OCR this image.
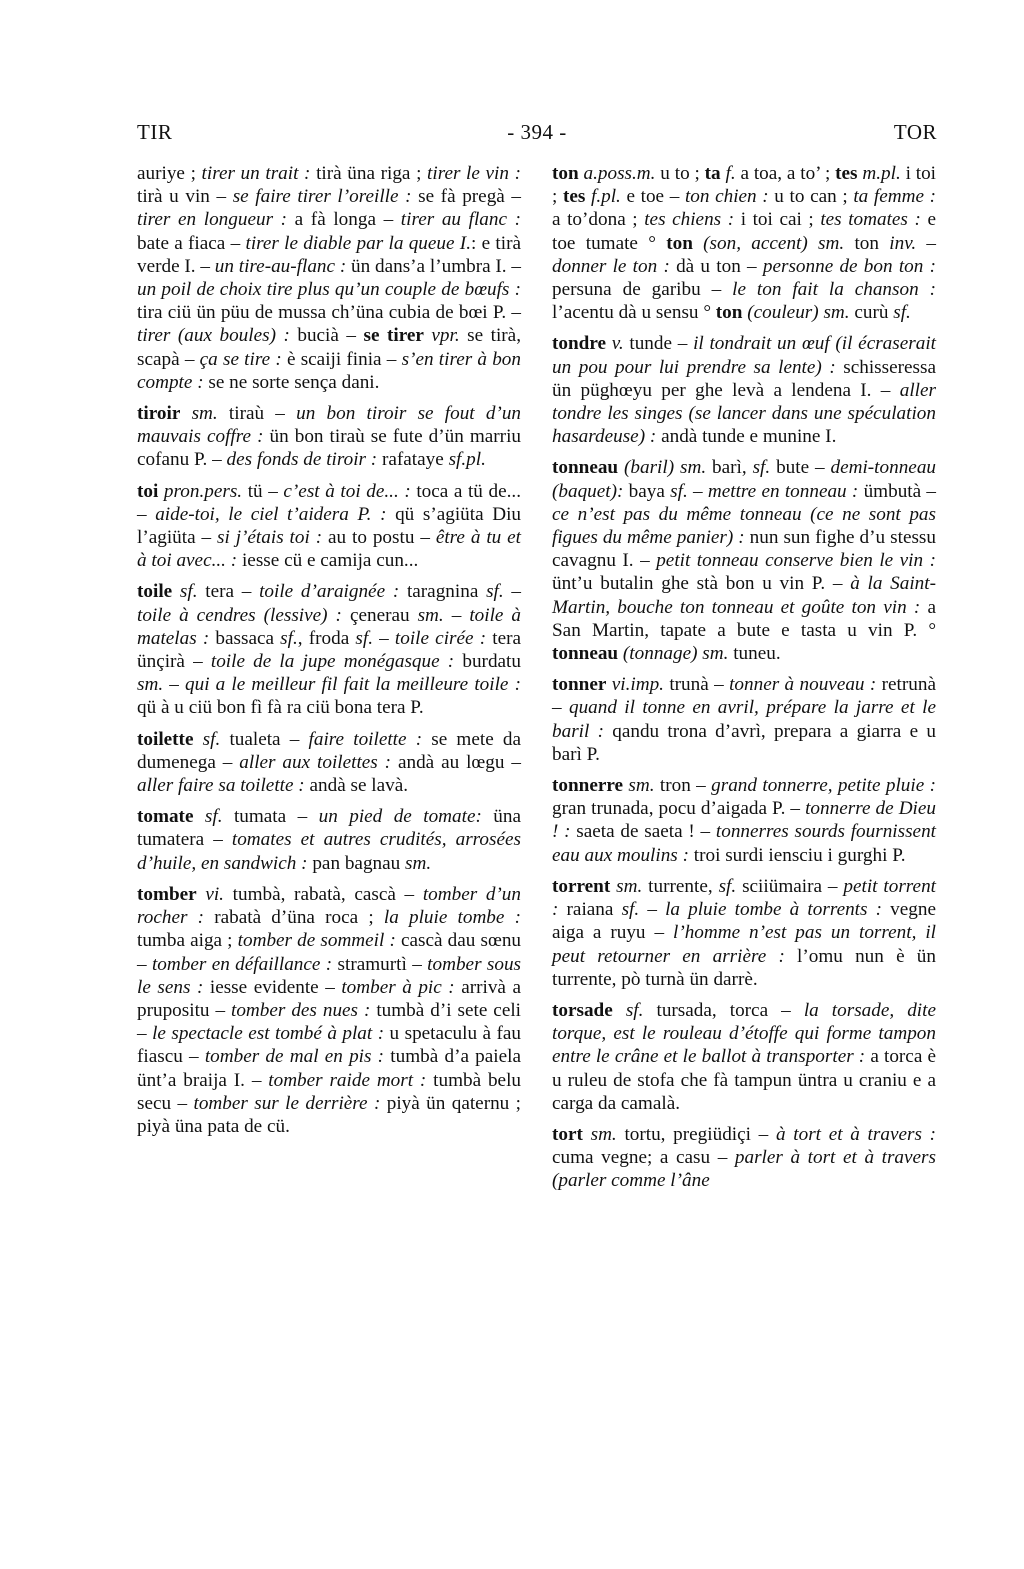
TIR	- 394 -	TOR
auriye ; tirer un trait : tirà üna riga ; tirer le vin : tirà u vin – se faire tirer l’oreille : se fà pregà – tirer en longueur : a fà longa – tirer au flanc : bate a fiaca – tirer le diable par la queue I.: e tirà verde I. – un tire-au-flanc : ün dans’a l’umbra I. – un poil de choix tire plus qu’un couple de bœufs : tira ciü ün püu de mussa ch’üna cubia de bœi P. – tirer (aux boules) : bucià – se tirer vpr. se tirà, scapà – ça se tire : è scaiji finia – s’en tirer à bon compte : se ne sorte sença dani.
tiroir sm. tiraù – un bon tiroir se fout d’un mauvais coffre : ün bon tiraù se fute d’ün marriu cofanu P. – des fonds de tiroir : rafataye sf.pl.
toi pron.pers. tü – c’est à toi de... : toca a tü de... – aide-toi, le ciel t’aidera P. : qü s’agiüta Diu l’agiüta – si j’étais toi : au to postu – être à tu et à toi avec... : iesse cü e camija cun...
toile sf. tera – toile d’araignée : taragnina sf. – toile à cendres (lessive) : çenerau sm. – toile à matelas : bassaca sf., froda sf. – toile cirée : tera ünçirà – toile de la jupe monégasque : burdatu sm. – qui a le meilleur fil fait la meilleure toile : qü à u ciü bon fì fà ra ciü bona tera P.
toilette sf. tualeta – faire toilette : se mete da dumenega – aller aux toilettes : andà au lœgu – aller faire sa toilette : andà se lavà.
tomate sf. tumata – un pied de tomate: üna tumatera – tomates et autres crudités, arrosées d’huile, en sandwich : pan bagnau sm.
tomber vi. tumbà, rabatà, cascà – tomber d’un rocher : rabatà d’üna roca ; la pluie tombe : tumba aiga ; tomber de sommeil : cascà dau sœnu – tomber en défaillance : stramurtì – tomber sous le sens : iesse evidente – tomber à pic : arrivà a prupositu – tomber des nues : tumbà d’i sete celi – le spectacle est tombé à plat : u spetaculu à fau fiascu – tomber de mal en pis : tumbà d’a paiela ünt’a braija I. – tomber raide mort : tumbà belu secu – tomber sur le derrière : piyà ün qaternu ; piyà üna pata de cü.
ton a.poss.m. u to ; ta f. a toa, a to’ ; tes m.pl. i toi ; tes f.pl. e toe – ton chien : u to can ; ta femme : a to’dona ; tes chiens : i toi cai ; tes tomates : e toe tumate ° ton (son, accent) sm. ton inv. – donner le ton : dà u ton – personne de bon ton : persuna de garibu – le ton fait la chanson : l’acentu dà u sensu ° ton (couleur) sm. curù sf.
tondre v. tunde – il tondrait un œuf (il écraserait un pou pour lui prendre sa lente) : schisseressa ün püghœyu per ghe levà a lendena I. – aller tondre les singes (se lancer dans une spéculation hasardeuse) : andà tunde e munine I.
tonneau (baril) sm. barì, sf. bute – demi-tonneau (baquet): baya sf. – mettre en tonneau : ümbutà – ce n’est pas du même tonneau (ce ne sont pas figues du même panier) : nun sun fighe d’u stessu cavagnu I. – petit tonneau conserve bien le vin : ünt’u butalin ghe stà bon u vin P. – à la Saint-Martin, bouche ton tonneau et goûte ton vin : a San Martin, tapate a bute e tasta u vin P. ° tonneau (tonnage) sm. tuneu.
tonner vi.imp. trunà – tonner à nouveau : retrunà – quand il tonne en avril, prépare la jarre et le baril : qandu trona d’avrì, prepara a giarra e u barì P.
tonnerre sm. tron – grand tonnerre, petite pluie : gran trunada, pocu d’aigada P. – tonnerre de Dieu ! : saeta de saeta ! – tonnerres sourds fournissent eau aux moulins : troi surdi iensciu i gurghi P.
torrent sm. turrente, sf. sciiümaira – petit torrent : raiana sf. – la pluie tombe à torrents : vegne aiga a ruyu – l’homme n’est pas un torrent, il peut retourner en arrière : l’omu nun è ün turrente, pò turnà ün darrè.
torsade sf. tursada, torca – la torsade, dite torque, est le rouleau d’étoffe qui forme tampon entre le crâne et le ballot à transporter : a torca è u ruleu de stofa che fà tampun üntra u craniu e a carga da camalà.
tort sm. tortu, pregiüdiçi – à tort et à travers : cuma vegne; a casu – parler à tort et à travers (parler comme l’âne
